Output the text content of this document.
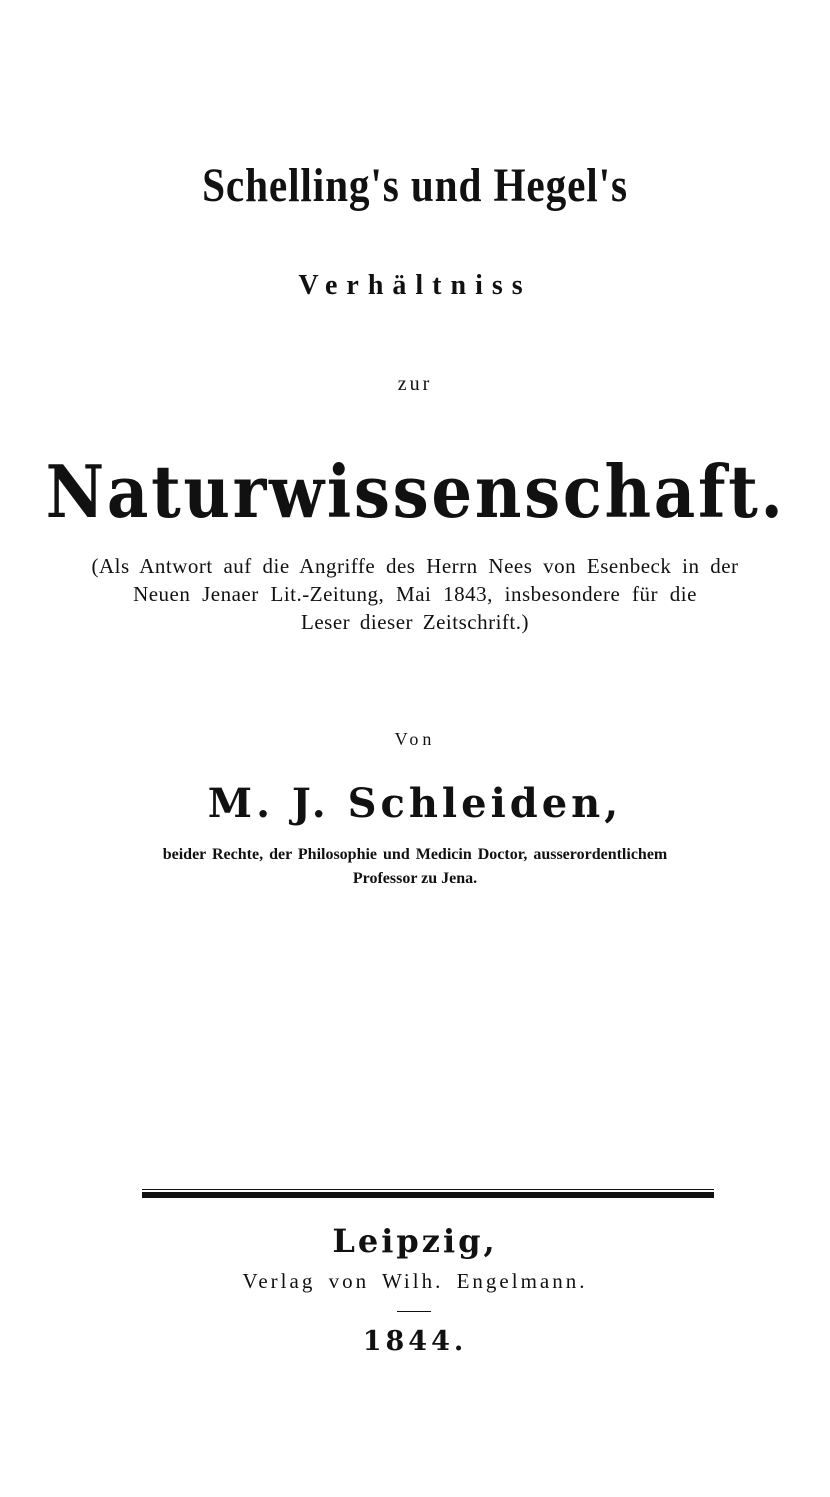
Schelling's und Hegel's
Verhältniss
zur
Naturwissenschaft.
(Als Antwort auf die Angriffe des Herrn Nees von Esenbeck in der
Neuen Jenaer Lit.-Zeitung, Mai 1843, insbesondere für die
Leser dieser Zeitschrift.)
Von
M. J. Schleiden,
beider Rechte, der Philosophie und Medicin Doctor, ausserordentlichem
Professor zu Jena.
Leipzig,
Verlag von Wilh. Engelmann.
1844.
